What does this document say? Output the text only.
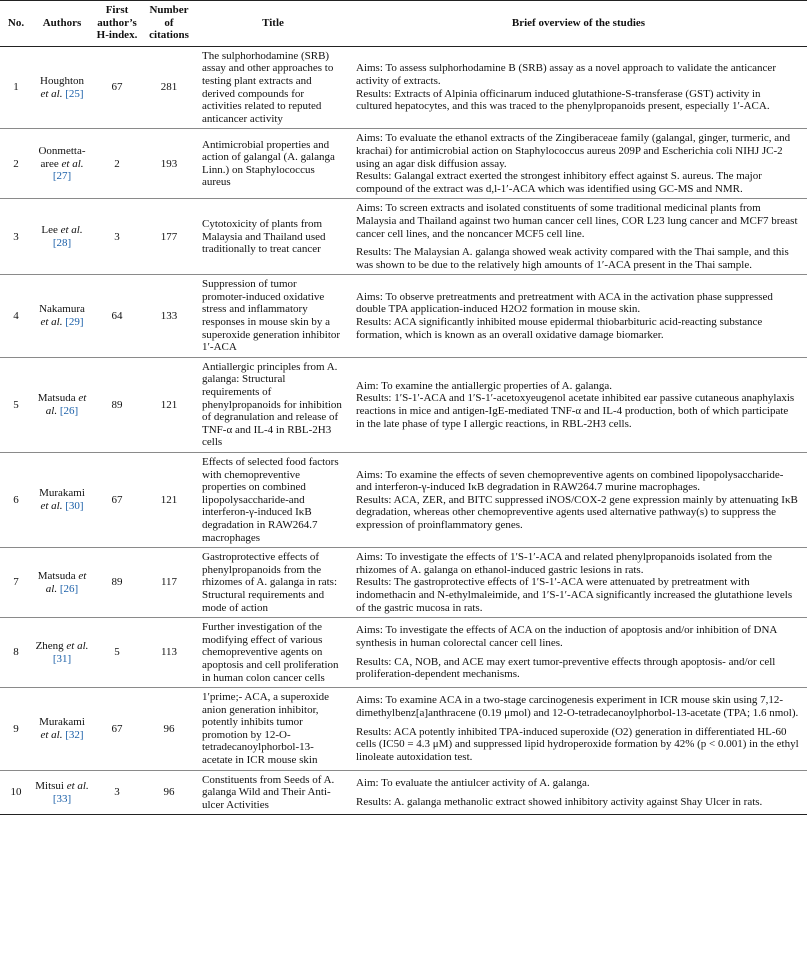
No.	Authors	First author’s H-index.	Number of citations	Title	Brief overview of the studies
1	Houghton et al. [25]	67	281	The sulphorhodamine (SRB) assay and other approaches to testing plant extracts and derived compounds for activities related to reputed anticancer activity	Aims: To assess sulphorhodamine B (SRB) assay as a novel approach to validate the anticancer activity of extracts.
Results: Extracts of Alpinia officinarum induced glutathione-S-transferase (GST) activity in cultured hepatocytes, and this was traced to the phenylpropanoids present, especially 1′-ACA.

2	Oonmetta-aree et al. [27]	2	193	Antimicrobial properties and action of galangal (A. galanga Linn.) on Staphylococcus aureus	Aims: To evaluate the ethanol extracts of the Zingiberaceae family (galangal, ginger, turmeric, and krachai) for antimicrobial action on Staphylococcus aureus 209P and Escherichia coli NIHJ JC-2 using an agar disk diffusion assay.
Results: Galangal extract exerted the strongest inhibitory effect against S. aureus. The major compound of the extract was d,l-1′-ACA which was identified using GC-MS and NMR.

3	Lee et al. [28]	3	177	Cytotoxicity of plants from Malaysia and Thailand used traditionally to treat cancer	Aims: To screen extracts and isolated constituents of some traditional medicinal plants from Malaysia and Thailand against two human cancer cell lines, COR L23 lung cancer and MCF7 breast cancer cell lines, and the noncancer MCF5 cell line.
Results: The Malaysian A. galanga showed weak activity compared with the Thai sample, and this was shown to be due to the relatively high amounts of 1′-ACA present in the Thai sample.

4	Nakamura et al. [29]	64	133	Suppression of tumor promoter-induced oxidative stress and inflammatory responses in mouse skin by a superoxide generation inhibitor 1′-ACA	Aims: To observe pretreatments and pretreatment with ACA in the activation phase suppressed double TPA application-induced H2O2 formation in mouse skin.
Results: ACA significantly inhibited mouse epidermal thiobarbituric acid-reacting substance formation, which is known as an overall oxidative damage biomarker.

5	Matsuda et al. [26]	89	121	Antiallergic principles from A. galanga: Structural requirements of phenylpropanoids for inhibition of degranulation and release of TNF-α and IL-4 in RBL-2H3 cells	Aim: To examine the antiallergic properties of A. galanga.
Results: 1′S-1′-ACA and 1′S-1′-acetoxyeugenol acetate inhibited ear passive cutaneous anaphylaxis reactions in mice and antigen-IgE-mediated TNF-α and IL-4 production, both of which participate in the late phase of type I allergic reactions, in RBL-2H3 cells.

6	Murakami et al. [30]	67	121	Effects of selected food factors with chemopreventive properties on combined lipopolysaccharide-and interferon-γ-induced IκB degradation in RAW264.7 macrophages	Aims: To examine the effects of seven chemopreventive agents on combined lipopolysaccharide- and interferon-γ-induced IκB degradation in RAW264.7 murine macrophages.
Results: ACA, ZER, and BITC suppressed iNOS/COX-2 gene expression mainly by attenuating IκB degradation, whereas other chemopreventive agents used alternative pathway(s) to suppress the expression of proinflammatory genes.

7	Matsuda et al. [26]	89	117	Gastroprotective effects of phenylpropanoids from the rhizomes of A. galanga in rats: Structural requirements and mode of action	Aims: To investigate the effects of 1′S-1′-ACA and related phenylpropanoids isolated from the rhizomes of A. galanga on ethanol-induced gastric lesions in rats.
Results: The gastroprotective effects of 1′S-1′-ACA were attenuated by pretreatment with indomethacin and N-ethylmaleimide, and 1′S-1′-ACA significantly increased the glutathione levels of the gastric mucosa in rats.

8	Zheng et al. [31]	5	113	Further investigation of the modifying effect of various chemopreventive agents on apoptosis and cell proliferation in human colon cancer cells	Aims: To investigate the effects of ACA on the induction of apoptosis and/or inhibition of DNA synthesis in human colorectal cancer cell lines.
Results: CA, NOB, and ACE may exert tumor-preventive effects through apoptosis- and/or cell proliferation-dependent mechanisms.

9	Murakami et al. [32]	67	96	1′prime;- ACA, a superoxide anion generation inhibitor, potently inhibits tumor promotion by 12-O-tetradecanoylphorbol-13-acetate in ICR mouse skin	Aims: To examine ACA in a two-stage carcinogenesis experiment in ICR mouse skin using 7,12-dimethylbenz[a]anthracene (0.19 μmol) and 12-O-tetradecanoylphorbol-13-acetate (TPA; 1.6 nmol).
Results: ACA potently inhibited TPA-induced superoxide (O2) generation in differentiated HL-60 cells (IC50 = 4.3 μM) and suppressed lipid hydroperoxide formation by 42% (p < 0.001) in the ethyl linoleate autoxidation test.

10	Mitsui et al. [33]	3	96	Constituents from Seeds of A. galanga Wild and Their Anti-ulcer Activities	Aim: To evaluate the antiulcer activity of A. galanga.
Results: A. galanga methanolic extract showed inhibitory activity against Shay Ulcer in rats.
